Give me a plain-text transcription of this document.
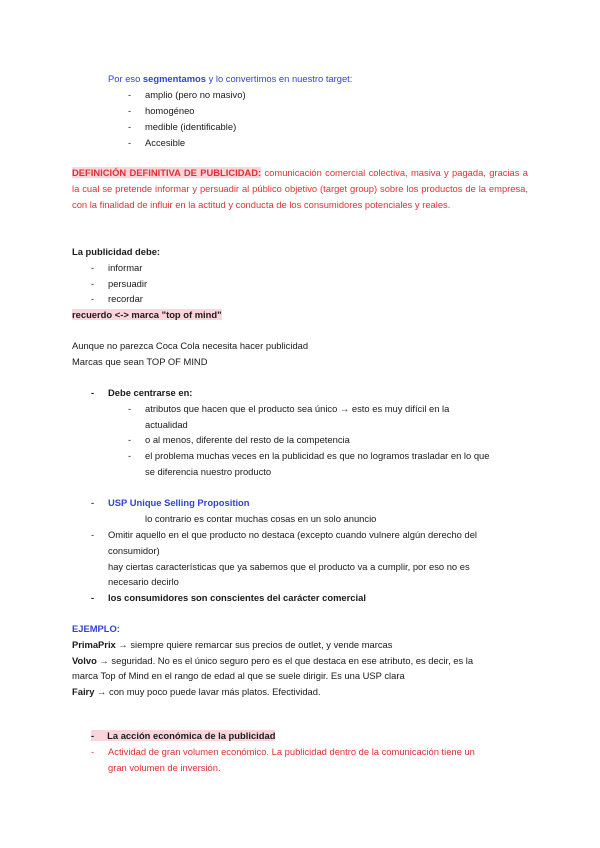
Por eso segmentamos y lo convertimos en nuestro target:
- amplio (pero no masivo)
- homogéneo
- medible (identificable)
- Accesible
DEFINICIÓN DEFINITIVA DE PUBLICIDAD: comunicación comercial colectiva, masiva y pagada, gracias a la cual se pretende informar y persuadir al público objetivo (target group) sobre los productos de la empresa, con la finalidad de influir en la actitud y conducta de los consumidores potenciales y reales.
La publicidad debe:
- informar
- persuadir
- recordar
recuerdo <-> marca "top of mind"
Aunque no parezca Coca Cola necesita hacer publicidad
Marcas que sean TOP OF MIND
- Debe centrarse en:
- atributos que hacen que el producto sea único → esto es muy difícil en la
actualidad
- o al menos, diferente del resto de la competencia
- el problema muchas veces en la publicidad es que no logramos trasladar en lo que
se diferencia nuestro producto
- USP Unique Selling Proposition
lo contrario es contar muchas cosas en un solo anuncio
- Omitir aquello en el que producto no destaca (excepto cuando vulnere algún derecho del
consumidor)
hay ciertas características que ya sabemos que el producto va a cumplir, por eso no es
necesario decirlo
- los consumidores son conscientes del carácter comercial
EJEMPLO:
PrimaPrix → siempre quiere remarcar sus precios de outlet, y vende marcas
Volvo → seguridad. No es el único seguro pero es el que destaca en ese atributo, es decir, es la
marca Top of Mind en el rango de edad al que se suele dirigir. Es una USP clara
Fairy → con muy poco puede lavar más platos. Efectividad.
- La acción económica de la publicidad
- Actividad de gran volumen económico. La publicidad dentro de la comunicación tiene un
gran volumen de inversión.
